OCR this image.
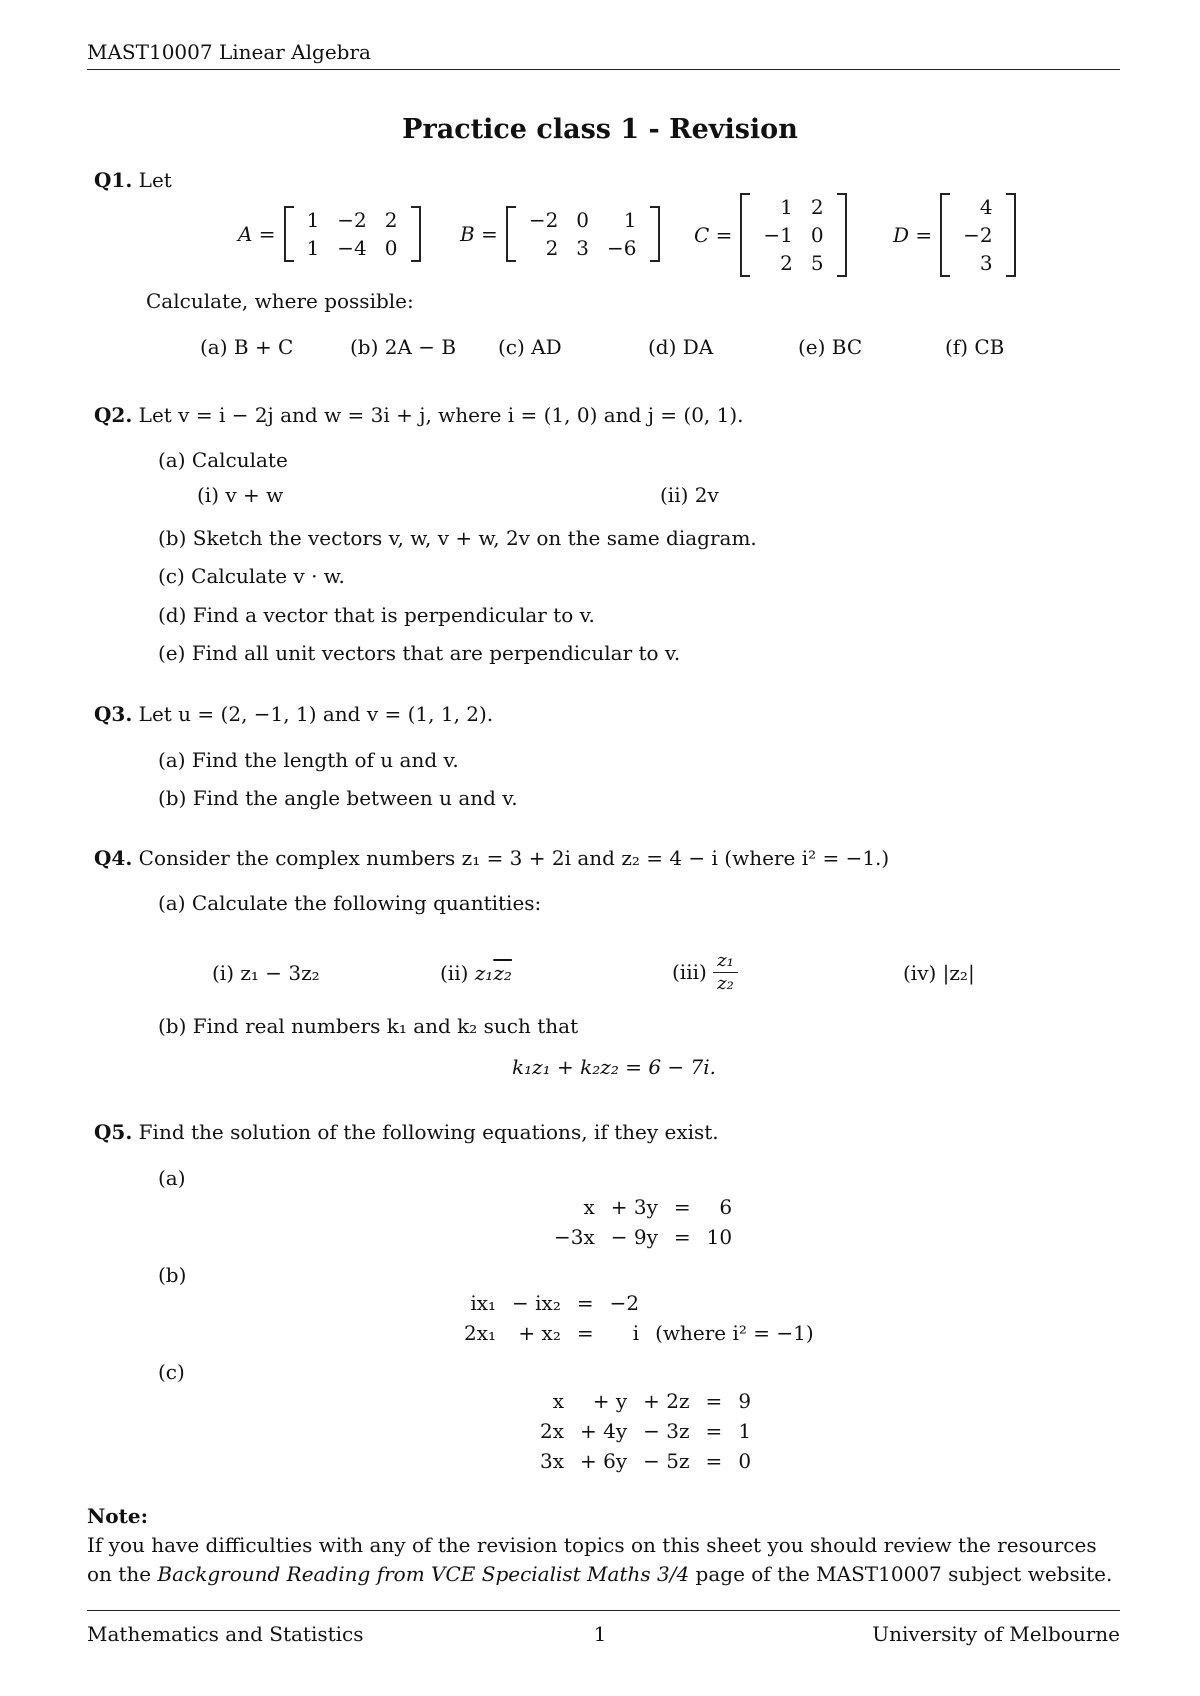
MAST10007 Linear Algebra
Practice class 1 - Revision
Q1. Let
A =
1	−2	2
1	−4	0
B =
−2	0	1
2	3	−6
C =
1	2
−1	0
2	5
D =
4
−2
3
Calculate, where possible:
(a) B + C	(b) 2A − B (c) AD	(d) DA	(e) BC	(f) CB
Q2. Let v = i − 2j and w = 3i + j, where i = (1, 0) and j = (0, 1).
(a) Calculate
(i) v + w	(ii) 2v
(b) Sketch the vectors v, w, v + w, 2v on the same diagram.
(c) Calculate v · w.
(d) Find a vector that is perpendicular to v.
(e) Find all unit vectors that are perpendicular to v.
Q3. Let u = (2, −1, 1) and v = (1, 1, 2).
(a) Find the length of u and v.
(b) Find the angle between u and v.
Q4. Consider the complex numbers z₁ = 3 + 2i and z₂ = 4 − i (where i² = −1.)
(a) Calculate the following quantities:
(i) z₁ − 3z₂	(ii) z₁z₂	$(iii) \frac{\text{z₁}}{\text{z₂}}$	(iv) |z₂|
(b) Find real numbers k₁ and k₂ such that
k₁z₁ + k₂z₂ = 6 − 7i.
Q5. Find the solution of the following equations, if they exist.
(a)
x	+ 3y	=	6
−3x	− 9y	=	10
(b)
ix₁	− ix₂	=	−2	
2x₁	+ x₂	=	i	(where i² = −1)
(c)
x	+ y	+ 2z	=	9
2x	+ 4y	− 3z	=	1
3x	+ 6y	− 5z	=	0
Note:
If you have difficulties with any of the revision topics on this sheet you should review the resources
on the Background Reading from VCE Specialist Maths 3/4 page of the MAST10007 subject website.
Mathematics and Statistics	1	University of Melbourne
